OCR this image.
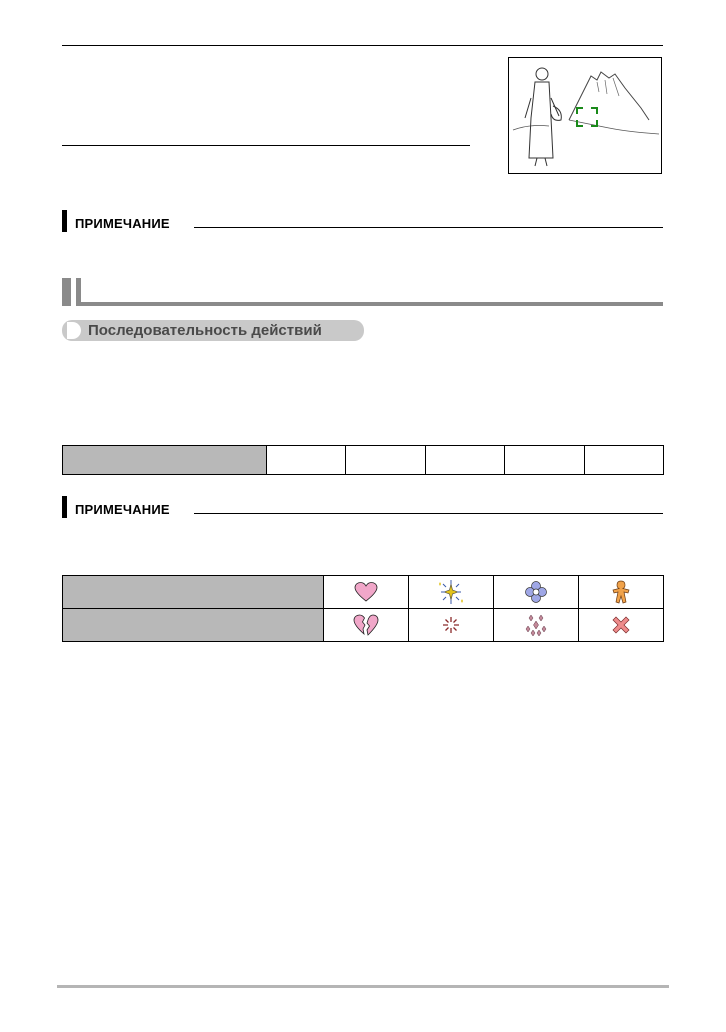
ПРИМЕЧАНИЕ
Последовательность действий

ПРИМЕЧАНИЕ
